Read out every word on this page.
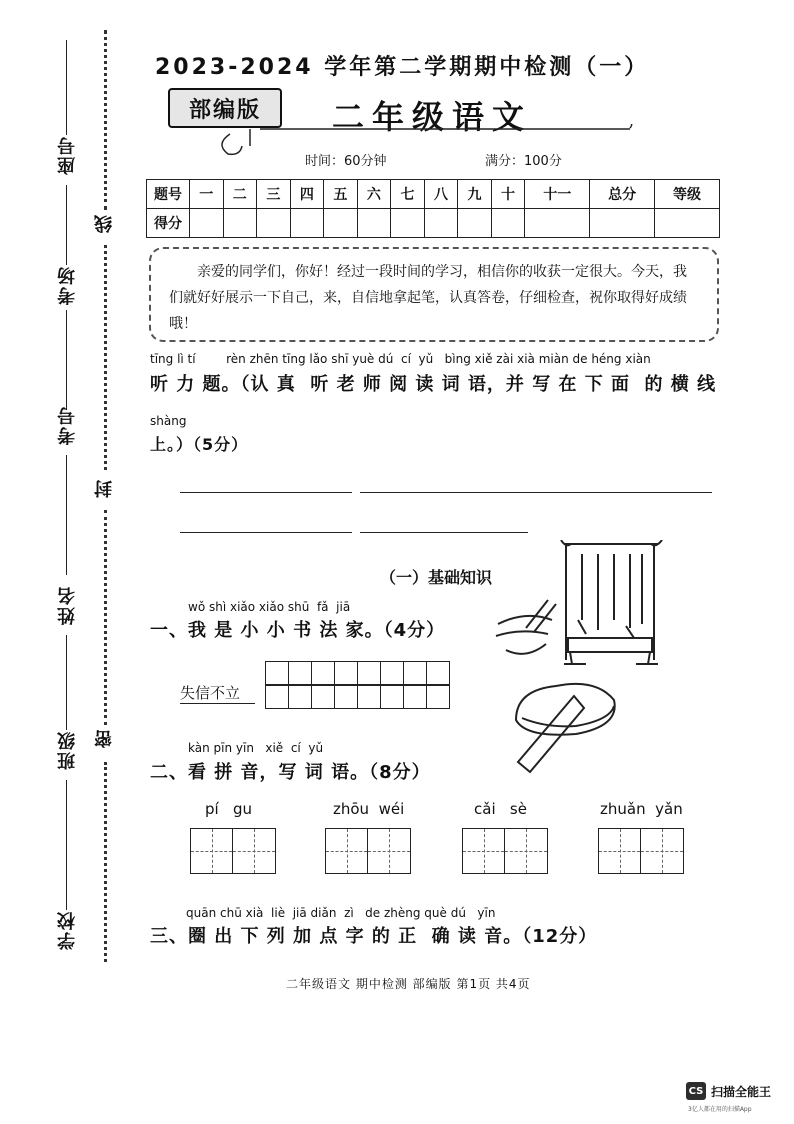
座号
考场
考号
姓名
班级
学校
线
封
密
2023-2024 学年第二学期期中检测（一）
部编版	二年级语文
时间：60分钟	满分：100分
题号	一	二	三	四	五	六	七	八	九	十	十一	总分	等级
得分													
亲爱的同学们，你好！经过一段时间的学习，相信你的收获一定很大。今天，我们就好好展示一下自己，来，自信地拿起笔，认真答卷，仔细检查，祝你取得好成绩哦！
tīng lì tí        rèn zhēn tīng lǎo shī yuè dú  cí  yǔ   bìng xiě zài xià miàn de héng xiàn
听 力 题。（认 真  听 老 师 阅 读 词 语，并 写 在 下 面  的 横 线
shàng
上。）（5分）
（一）基础知识
wǒ shì xiǎo xiǎo shū  fǎ  jiā
一、我 是 小 小 书 法 家。（4分）
失信不立
kàn pīn yīn   xiě  cí  yǔ
二、看 拼 音，写 词 语。（8分）
pí   gu	zhōu  wéi	cǎi   sè	zhuǎn  yǎn
quān chū xià  liè  jiā diǎn  zì   de zhèng què dú   yīn
三、圈 出 下 列 加 点 字 的 正  确 读 音。（12分）
二年级语文 期中检测 部编版 第1页 共4页
CS 扫描全能王
3亿人都在用的扫描App
